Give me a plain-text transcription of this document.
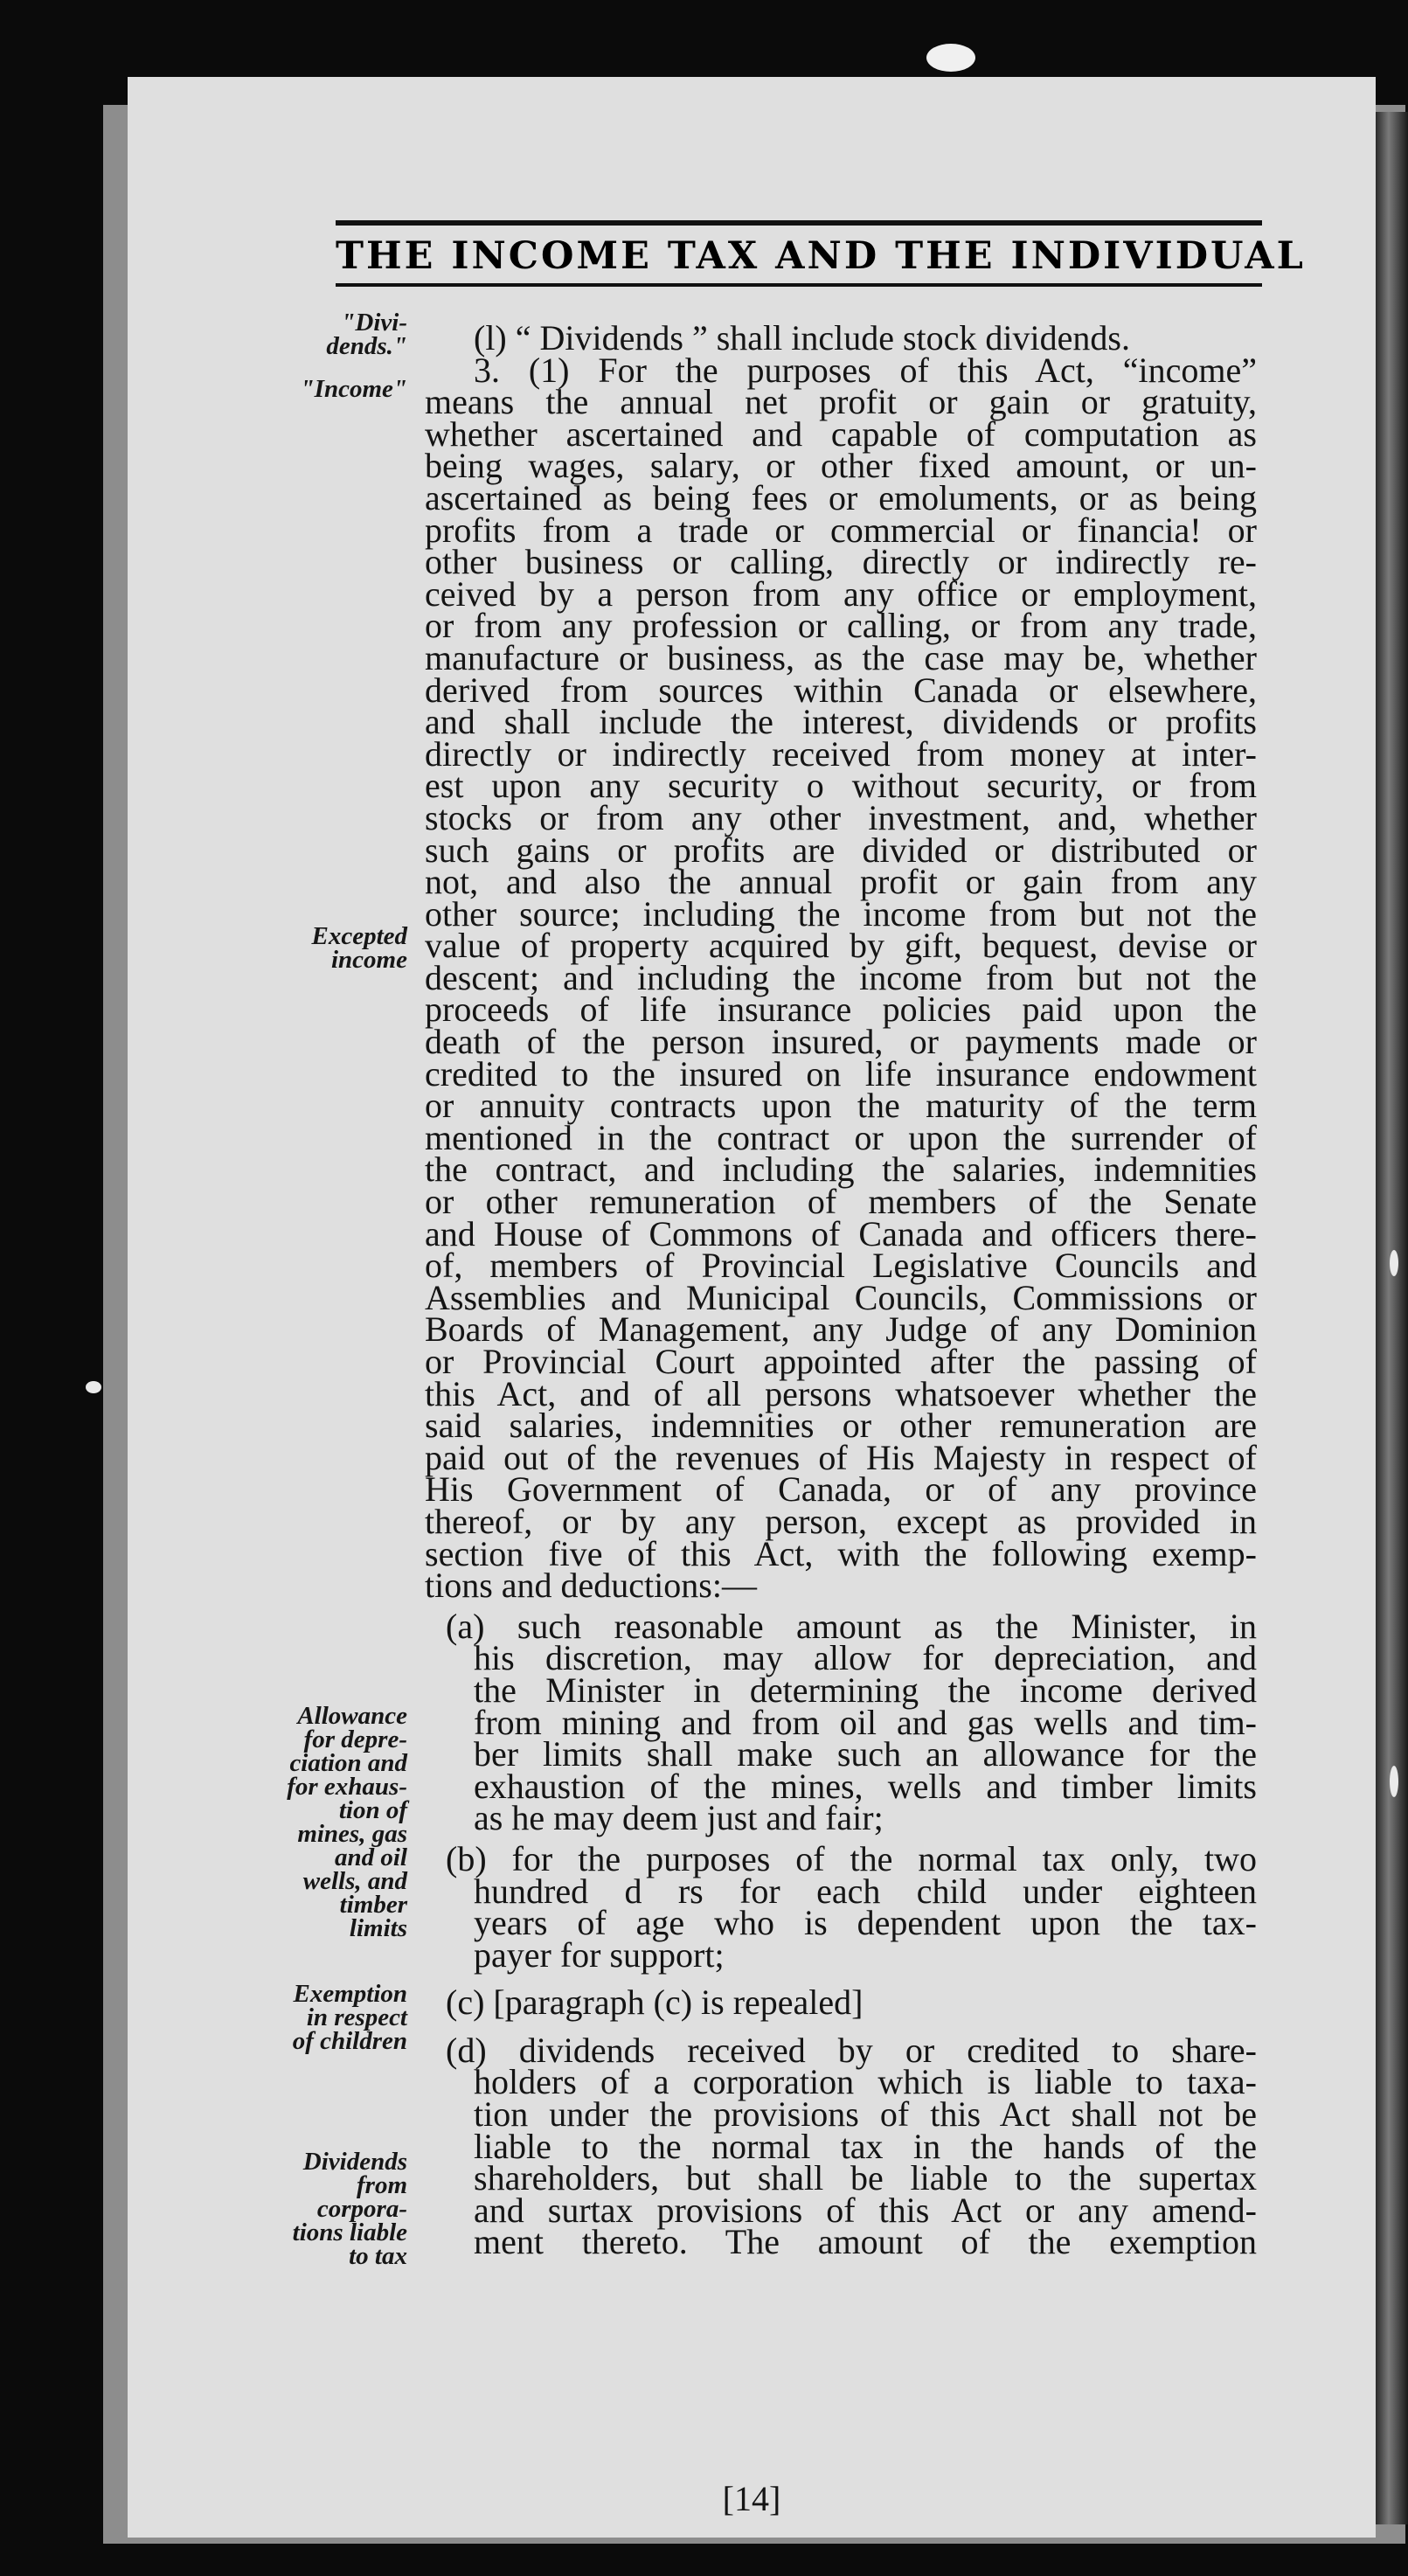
THE INCOME TAX AND THE INDIVIDUAL
"Divi-
dends."
"Income"
Excepted
income
Allowance
for depre-
ciation and
for exhaus-
tion of
mines, gas
and oil
wells, and
timber
limits
Exemption
in respect
of children
Dividends
from
corpora-
tions liable
to tax
(l) “ Dividends ” shall include stock dividends.
3. (1) For the purposes of this Act, “income”
means the annual net profit or gain or gratuity,
whether ascertained and capable of computation as
being wages, salary, or other fixed amount, or un-
ascertained as being fees or emoluments, or as being
profits from a trade or commercial or financia! or
other business or calling, directly or indirectly re-
ceived by a person from any office or employment,
or from any profession or calling, or from any trade,
manufacture or business, as the case may be, whether
derived from sources within Canada or elsewhere,
and shall include the interest, dividends or profits
directly or indirectly received from money at inter-
est upon any security o without security, or from
stocks or from any other investment, and, whether
such gains or profits are divided or distributed or
not, and also the annual profit or gain from any
other source; including the income from but not the
value of property acquired by gift, bequest, devise or
descent; and including the income from but not the
proceeds of life insurance policies paid upon the
death of the person insured, or payments made or
credited to the insured on life insurance endowment
or annuity contracts upon the maturity of the term
mentioned in the contract or upon the surrender of
the contract, and including the salaries, indemnities
or other remuneration of members of the Senate
and House of Commons of Canada and officers there-
of, members of Provincial Legislative Councils and
Assemblies and Municipal Councils, Commissions or
Boards of Management, any Judge of any Dominion
or Provincial Court appointed after the passing of
this Act, and of all persons whatsoever whether the
said salaries, indemnities or other remuneration are
paid out of the revenues of His Majesty in respect of
His Government of Canada, or of any province
thereof, or by any person, except as provided in
section five of this Act, with the following exemp-
tions and deductions:—
(a) such reasonable amount as the Minister, in
his discretion, may allow for depreciation, and
the Minister in determining the income derived
from mining and from oil and gas wells and tim-
ber limits shall make such an allowance for the
exhaustion of the mines, wells and timber limits
as he may deem just and fair;
(b) for the purposes of the normal tax only, two
hundred d rs for each child under eighteen
years of age who is dependent upon the tax-
payer for support;
(c) [paragraph (c) is repealed]
(d) dividends received by or credited to share-
holders of a corporation which is liable to taxa-
tion under the provisions of this Act shall not be
liable to the normal tax in the hands of the
shareholders, but shall be liable to the supertax
and surtax provisions of this Act or any amend-
ment thereto. The amount of the exemption
[14]
